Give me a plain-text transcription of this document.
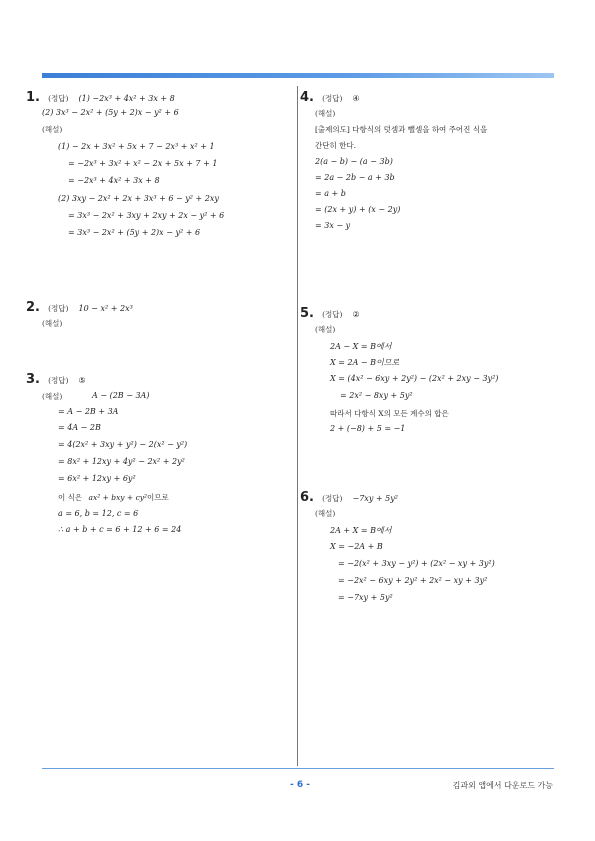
1. (정답) (1) −2x³ + 4x² + 3x + 8
(2) 3x³ − 2x² + (5y + 2)x − y² + 6
(해설)
(1) − 2x + 3x² + 5x + 7 − 2x³ + x² + 1
= −2x³ + 3x² + x² − 2x + 5x + 7 + 1
= −2x³ + 4x² + 3x + 8
(2) 3xy − 2x² + 2x + 3x³ + 6 − y² + 2xy
= 3x³ − 2x² + 3xy + 2xy + 2x − y² + 6
= 3x³ − 2x² + (5y + 2)x − y² + 6
2. (정답) 10 − x² + 2x³
(해설)
3. (정답) ⑤
(해설)	A − (2B − 3A)
= A − 2B + 3A
= 4A − 2B
= 4(2x² + 3xy + y²) − 2(x² − y²)
= 8x² + 12xy + 4y² − 2x² + 2y²
= 6x² + 12xy + 6y²
이 식은 ax² + bxy + cy²이므로
a = 6, b = 12, c = 6
∴ a + b + c = 6 + 12 + 6 = 24
4. (정답) ④
(해설)
[출제의도] 다항식의 덧셈과 뺄셈을 하여 주어진 식을
간단히 한다.
2(a − b) − (a − 3b)
= 2a − 2b − a + 3b
= a + b
= (2x + y) + (x − 2y)
= 3x − y
5. (정답) ②
(해설)
2A − X = B에서
X = 2A − B이므로
X = (4x² − 6xy + 2y²) − (2x² + 2xy − 3y²)
= 2x² − 8xy + 5y²
따라서 다항식 X의 모든 계수의 합은
2 + (−8) + 5 = −1
6. (정답) −7xy + 5y²
(해설)
2A + X = B에서
X = −2A + B
= −2(x² + 3xy − y²) + (2x² − xy + 3y²)
= −2x² − 6xy + 2y² + 2x² − xy + 3y²
= −7xy + 5y²
- 6 -	김과외 앱에서 다운로드 가능
